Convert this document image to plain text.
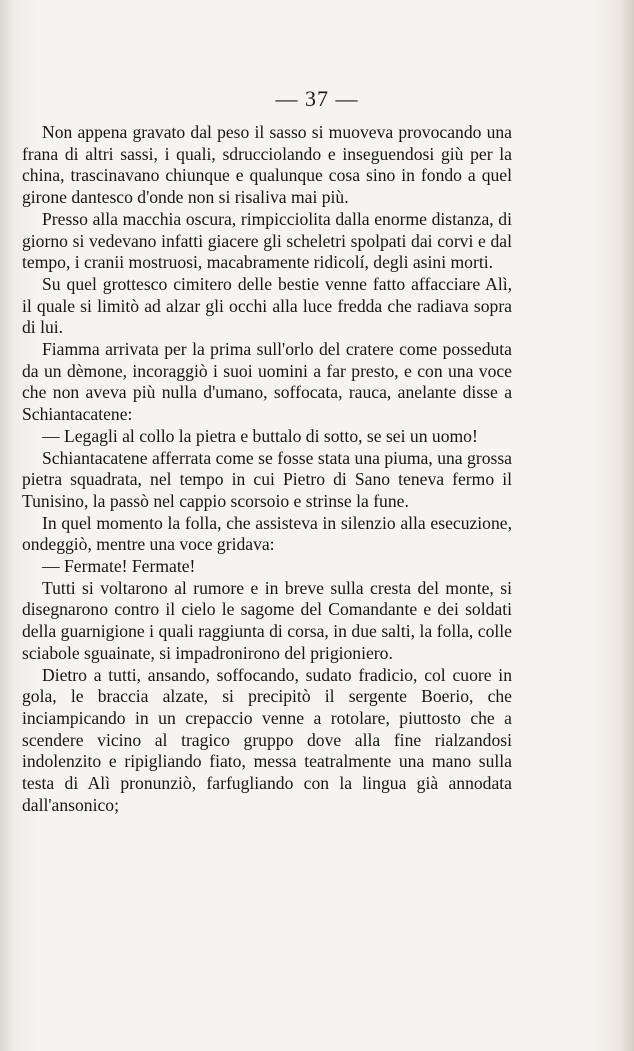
— 37 —

Non appena gravato dal peso il sasso si muoveva provocando una frana di altri sassi, i quali, sdrucciolando e inseguendosi giù per la china, trascinavano chiunque e qualunque cosa sino in fondo a quel girone dantesco d'onde non si risaliva mai più.

Presso alla macchia oscura, rimpicciolita dalla enorme distanza, di giorno si vedevano infatti giacere gli scheletri spolpati dai corvi e dal tempo, i cranii mostruosi, macabramente ridicolí, degli asini morti.

Su quel grottesco cimitero delle bestie venne fatto affacciare Alì, il quale si limitò ad alzar gli occhi alla luce fredda che radiava sopra di lui.

Fiamma arrivata per la prima sull'orlo del cratere come posseduta da un dèmone, incoraggiò i suoi uomini a far presto, e con una voce che non aveva più nulla d'umano, soffocata, rauca, anelante disse a Schiantacatene:

— Legagli al collo la pietra e buttalo di sotto, se sei un uomo!

Schiantacatene afferrata come se fosse stata una piuma, una grossa pietra squadrata, nel tempo in cui Pietro di Sano teneva fermo il Tunisino, la passò nel cappio scorsoio e strinse la fune.

In quel momento la folla, che assisteva in silenzio alla esecuzione, ondeggiò, mentre una voce gridava:

— Fermate! Fermate!

Tutti si voltarono al rumore e in breve sulla cresta del monte, si disegnarono contro il cielo le sagome del Comandante e dei soldati della guarnigione i quali raggiunta di corsa, in due salti, la folla, colle sciabole sguainate, si impadronirono del prigioniero.

Dietro a tutti, ansando, soffocando, sudato fradicio, col cuore in gola, le braccia alzate, si precipitò il sergente Boerio, che inciampicando in un crepaccio venne a rotolare, piuttosto che a scendere vicino al tragico gruppo dove alla fine rialzandosi indolenzito e ripigliando fiato, messa teatralmente una mano sulla testa di Alì pronunziò, farfugliando con la lingua già annodata dall'ansonico;
